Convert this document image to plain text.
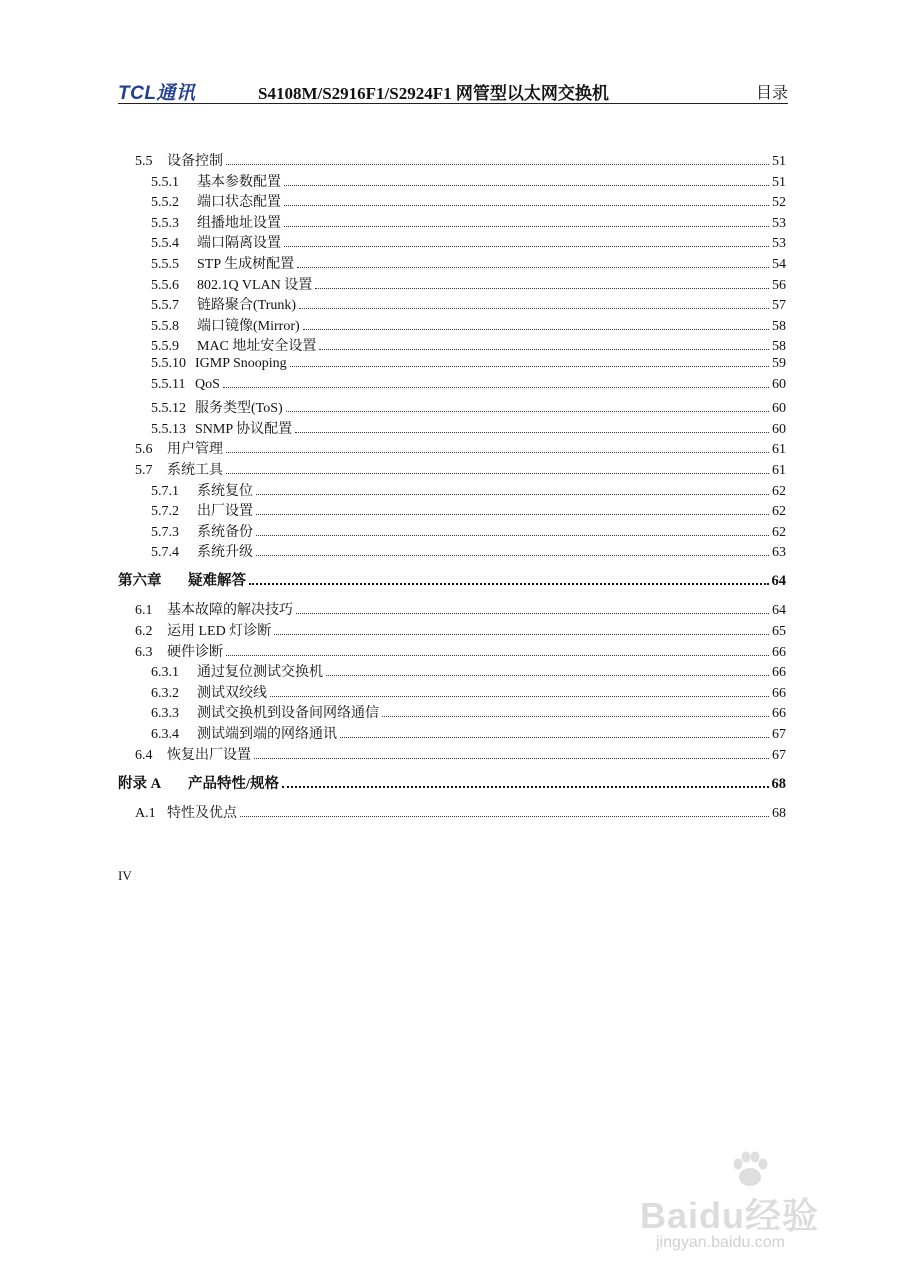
TCL通讯	S4108M/S2916F1/S2924F1 网管型以太网交换机	目录
5.5	设备控制	51
5.5.1	基本参数配置	51
5.5.2	端口状态配置	52
5.5.3	组播地址设置	53
5.5.4	端口隔离设置	53
5.5.5	STP 生成树配置	54
5.5.6	802.1Q VLAN 设置	56
5.5.7	链路聚合(Trunk)	57
5.5.8	端口镜像(Mirror)	58
5.5.9	MAC 地址安全设置	58
5.5.10 IGMP Snooping	59
5.5.11 QoS	60
5.5.12 服务类型(ToS)	60
5.5.13 SNMP 协议配置	60
5.6	用户管理	61
5.7	系统工具	61
5.7.1	系统复位	62
5.7.2	出厂设置	62
5.7.3	系统备份	62
5.7.4	系统升级	63
第六章	疑难解答	64
6.1	基本故障的解决技巧	64
6.2	运用 LED 灯诊断	65
6.3	硬件诊断	66
6.3.1	通过复位测试交换机	66
6.3.2	测试双绞线	66
6.3.3	测试交换机到设备间网络通信	66
6.3.4	测试端到端的网络通讯	67
6.4	恢复出厂设置	67
附录 A	产品特性/规格	68
A.1 特性及优点	68
IV
Baidu经验
jingyan.baidu.com
